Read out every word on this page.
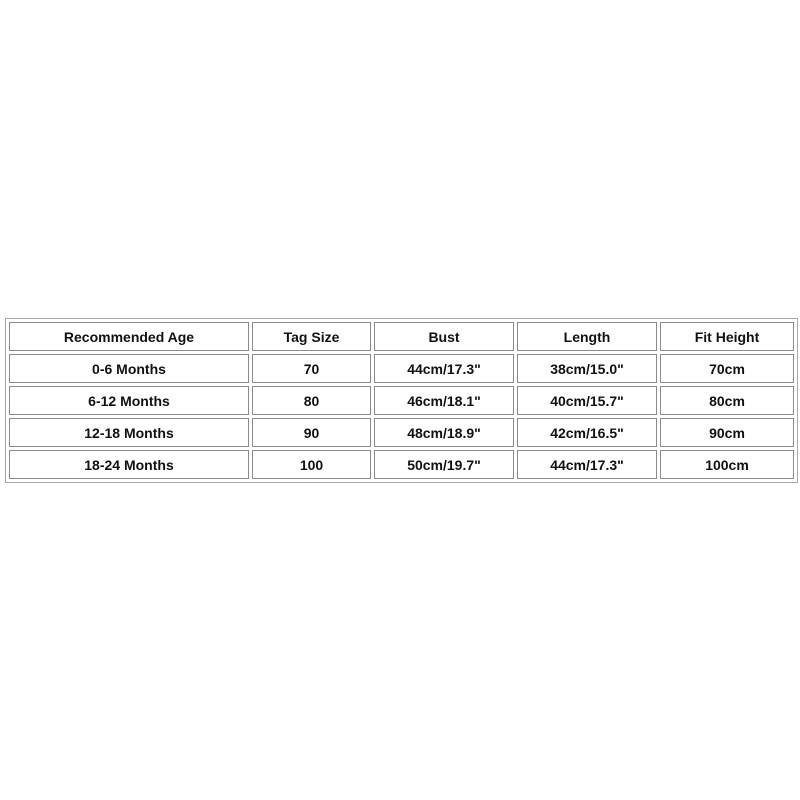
Recommended Age	Tag Size	Bust	Length	Fit Height
0-6 Months	70	44cm/17.3"	38cm/15.0"	70cm
6-12 Months	80	46cm/18.1"	40cm/15.7"	80cm
12-18 Months	90	48cm/18.9"	42cm/16.5"	90cm
18-24 Months	100	50cm/19.7"	44cm/17.3"	100cm
